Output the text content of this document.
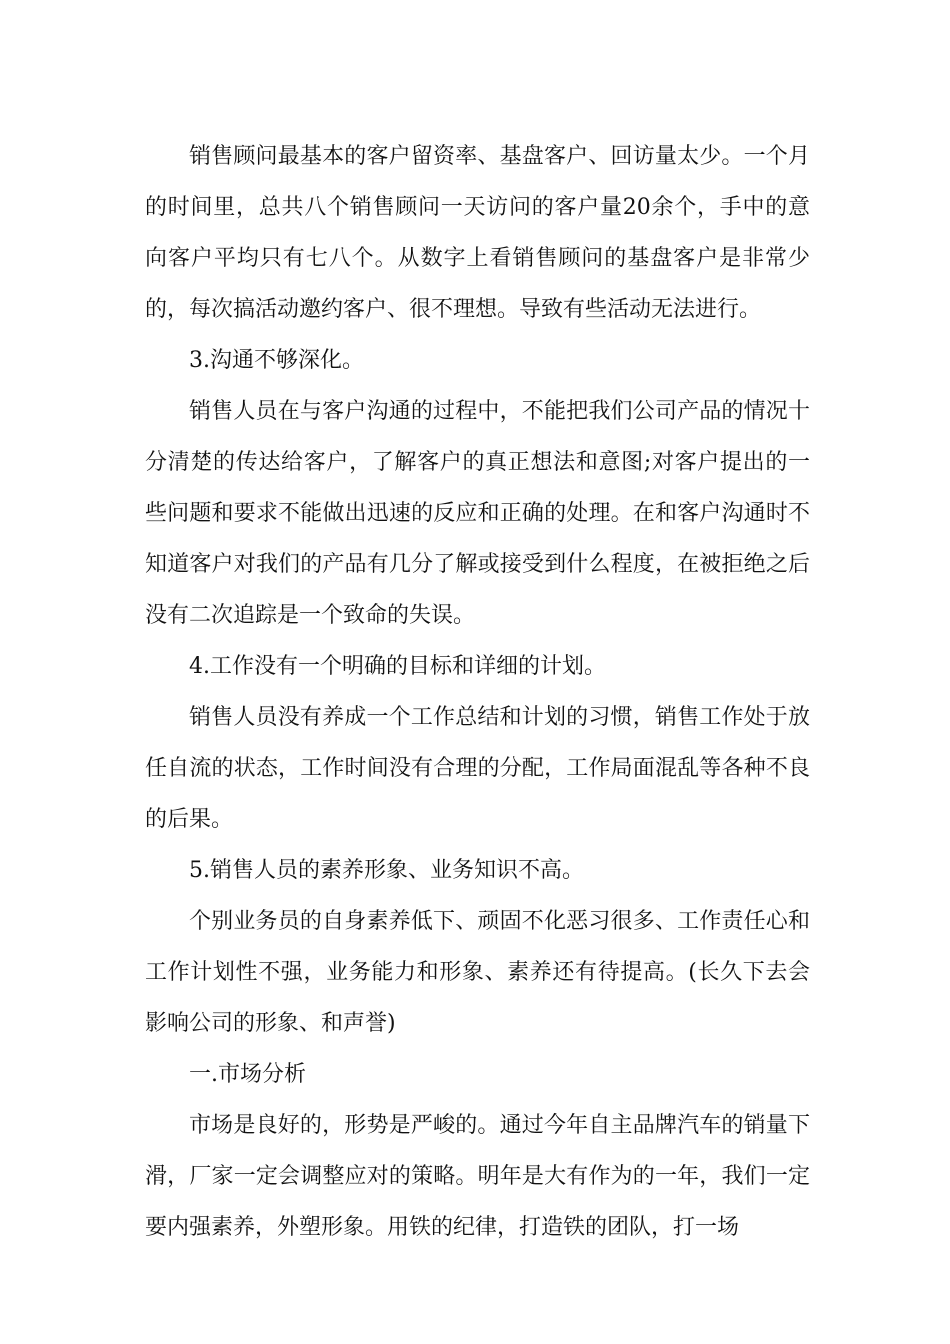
销售顾问最基本的客户留资率、基盘客户、回访量太少。一个月的时间里，总共八个销售顾问一天访问的客户量20余个，手中的意向客户平均只有七八个。从数字上看销售顾问的基盘客户是非常少的，每次搞活动邀约客户、很不理想。导致有些活动无法进行。

3.沟通不够深化。

销售人员在与客户沟通的过程中，不能把我们公司产品的情况十分清楚的传达给客户，了解客户的真正想法和意图;对客户提出的一些问题和要求不能做出迅速的反应和正确的处理。在和客户沟通时不知道客户对我们的产品有几分了解或接受到什么程度，在被拒绝之后没有二次追踪是一个致命的失误。

4.工作没有一个明确的目标和详细的计划。

销售人员没有养成一个工作总结和计划的习惯，销售工作处于放任自流的状态，工作时间没有合理的分配，工作局面混乱等各种不良的后果。

5.销售人员的素养形象、业务知识不高。

个别业务员的自身素养低下、顽固不化恶习很多、工作责任心和工作计划性不强，业务能力和形象、素养还有待提高。(长久下去会影响公司的形象、和声誉)

一.市场分析

市场是良好的，形势是严峻的。通过今年自主品牌汽车的销量下滑，厂家一定会调整应对的策略。明年是大有作为的一年，我们一定要内强素养，外塑形象。用铁的纪律，打造铁的团队，打一场
